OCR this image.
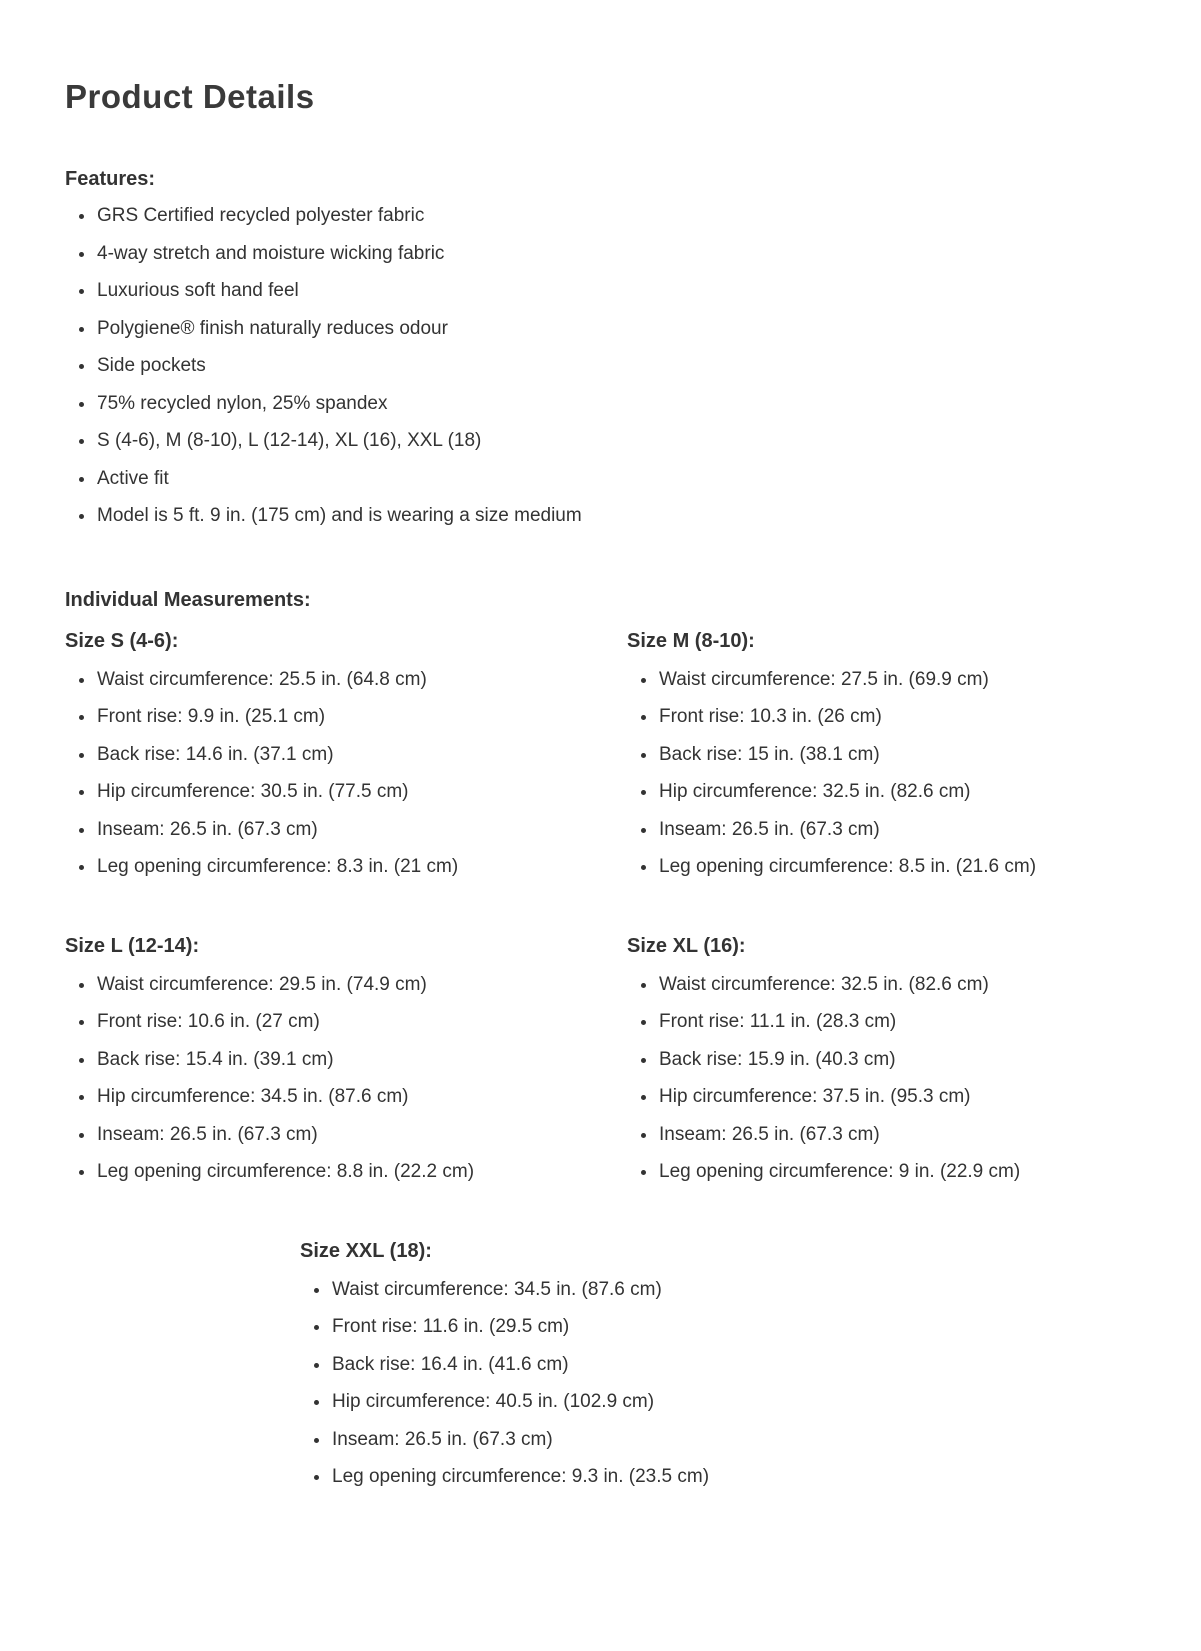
Product Details
Features:
• GRS Certified recycled polyester fabric
• 4-way stretch and moisture wicking fabric
• Luxurious soft hand feel
• Polygiene® finish naturally reduces odour
• Side pockets
• 75% recycled nylon, 25% spandex
• S (4-6), M (8-10), L (12-14), XL (16), XXL (18)
• Active fit
• Model is 5 ft. 9 in. (175 cm) and is wearing a size medium
Individual Measurements:
Size S (4-6):
• Waist circumference: 25.5 in. (64.8 cm)
• Front rise: 9.9 in. (25.1 cm)
• Back rise: 14.6 in. (37.1 cm)
• Hip circumference: 30.5 in. (77.5 cm)
• Inseam: 26.5 in. (67.3 cm)
• Leg opening circumference: 8.3 in. (21 cm)
Size M (8-10):
• Waist circumference: 27.5 in. (69.9 cm)
• Front rise: 10.3 in. (26 cm)
• Back rise: 15 in. (38.1 cm)
• Hip circumference: 32.5 in. (82.6 cm)
• Inseam: 26.5 in. (67.3 cm)
• Leg opening circumference: 8.5 in. (21.6 cm)
Size L (12-14):
• Waist circumference: 29.5 in. (74.9 cm)
• Front rise: 10.6 in. (27 cm)
• Back rise: 15.4 in. (39.1 cm)
• Hip circumference: 34.5 in. (87.6 cm)
• Inseam: 26.5 in. (67.3 cm)
• Leg opening circumference: 8.8 in. (22.2 cm)
Size XL (16):
• Waist circumference: 32.5 in. (82.6 cm)
• Front rise: 11.1 in. (28.3 cm)
• Back rise: 15.9 in. (40.3 cm)
• Hip circumference: 37.5 in. (95.3 cm)
• Inseam: 26.5 in. (67.3 cm)
• Leg opening circumference: 9 in. (22.9 cm)
Size XXL (18):
• Waist circumference: 34.5 in. (87.6 cm)
• Front rise: 11.6 in. (29.5 cm)
• Back rise: 16.4 in. (41.6 cm)
• Hip circumference: 40.5 in. (102.9 cm)
• Inseam: 26.5 in. (67.3 cm)
• Leg opening circumference: 9.3 in. (23.5 cm)
